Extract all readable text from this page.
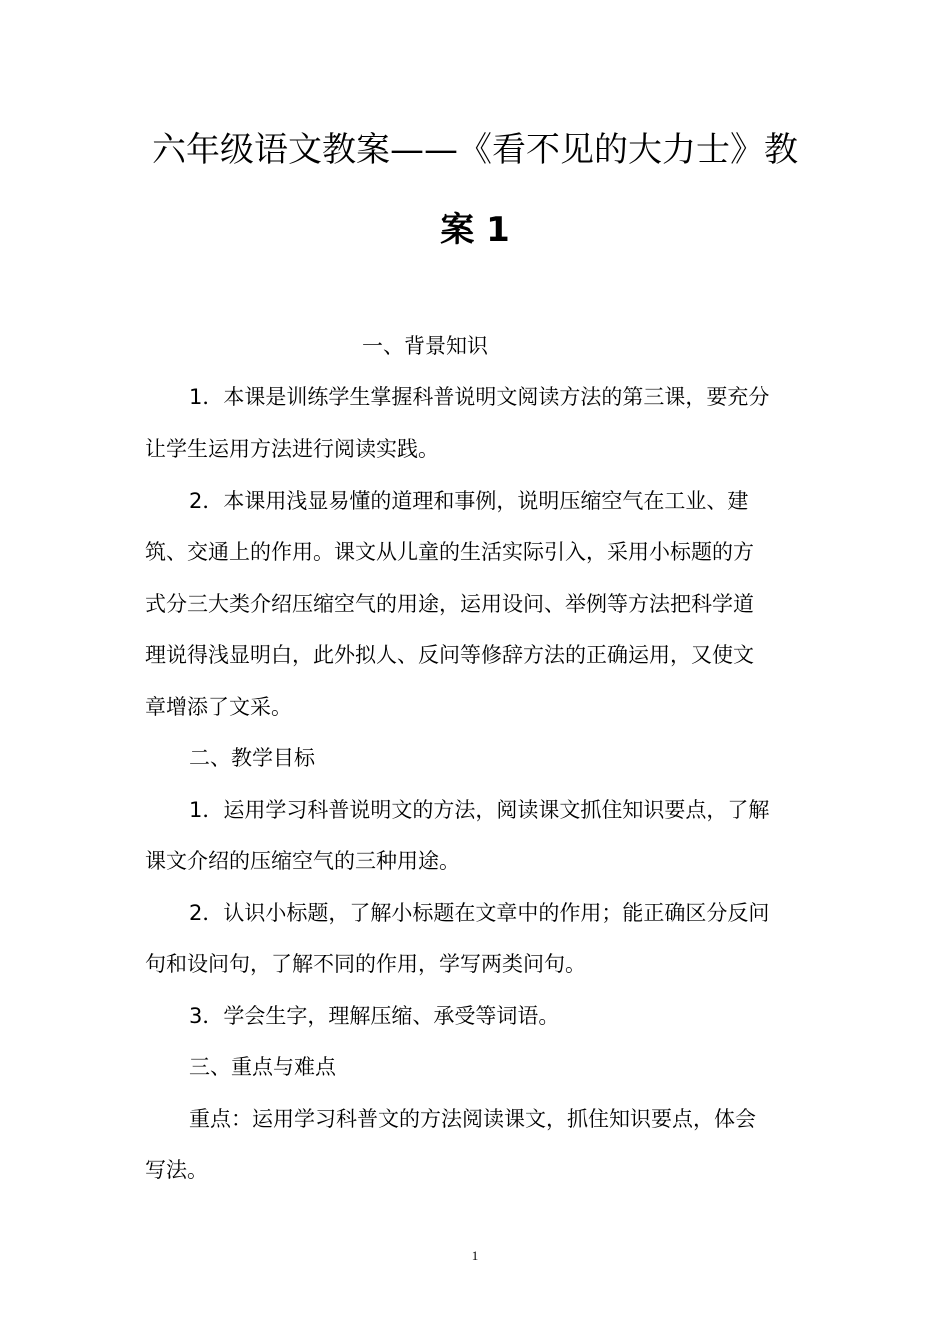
六年级语文教案——《看不见的大力士》教
案 1

一、背景知识

1．本课是训练学生掌握科普说明文阅读方法的第三课，要充分

让学生运用方法进行阅读实践。

2．本课用浅显易懂的道理和事例，说明压缩空气在工业、建

筑、交通上的作用。课文从儿童的生活实际引入，采用小标题的方

式分三大类介绍压缩空气的用途，运用设问、举例等方法把科学道

理说得浅显明白，此外拟人、反问等修辞方法的正确运用，又使文

章增添了文采。

二、教学目标

1．运用学习科普说明文的方法，阅读课文抓住知识要点，了解

课文介绍的压缩空气的三种用途。

2．认识小标题，了解小标题在文章中的作用；能正确区分反问

句和设问句，了解不同的作用，学写两类问句。

3．学会生字，理解压缩、承受等词语。

三、重点与难点

重点：运用学习科普文的方法阅读课文，抓住知识要点，体会

写法。

1
